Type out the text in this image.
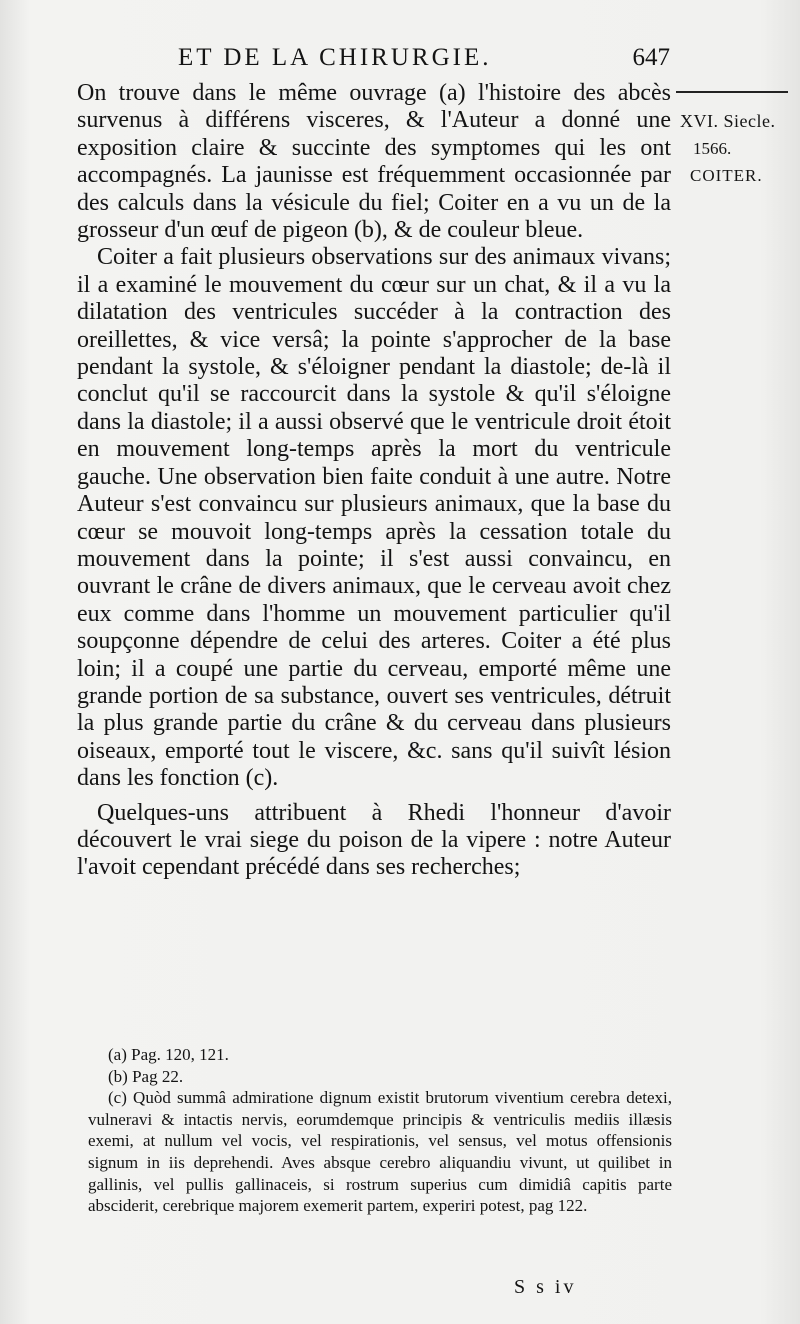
ET DE LA CHIRURGIE.	647
XVI. Siecle.
1566.
COITER.

On trouve dans le même ouvrage (a) l'histoire des abcès survenus à différens visceres, & l'Auteur a donné une exposition claire & succinte des symptomes qui les ont accompagnés. La jaunisse est fréquemment occasionnée par des calculs dans la vésicule du fiel; Coiter en a vu un de la grosseur d'un œuf de pigeon (b), & de couleur bleue.

Coiter a fait plusieurs observations sur des animaux vivans; il a examiné le mouvement du cœur sur un chat, & il a vu la dilatation des ventricules succéder à la contraction des oreillettes, & vice versâ; la pointe s'approcher de la base pendant la systole, & s'éloigner pendant la diastole; de-là il conclut qu'il se raccourcit dans la systole & qu'il s'éloigne dans la diastole; il a aussi observé que le ventricule droit étoit en mouvement long-temps après la mort du ventricule gauche. Une observation bien faite conduit à une autre. Notre Auteur s'est convaincu sur plusieurs animaux, que la base du cœur se mouvoit long-temps après la cessation totale du mouvement dans la pointe; il s'est aussi convaincu, en ouvrant le crâne de divers animaux, que le cerveau avoit chez eux comme dans l'homme un mouvement particulier qu'il soupçonne dépendre de celui des arteres. Coiter a été plus loin; il a coupé une partie du cerveau, emporté même une grande portion de sa substance, ouvert ses ventricules, détruit la plus grande partie du crâne & du cerveau dans plusieurs oiseaux, emporté tout le viscere, &c. sans qu'il suivît lésion dans les fonction (c).

Quelques-uns attribuent à Rhedi l'honneur d'avoir découvert le vrai siege du poison de la vipere : notre Auteur l'avoit cependant précédé dans ses recherches;

(a) Pag. 120, 121.

(b) Pag 22.

(c) Quòd summâ admiratione dignum existit brutorum viventium cerebra detexi, vulneravi & intactis nervis, eorumdemque principis & ventriculis mediis illæsis exemi, at nullum vel vocis, vel respirationis, vel sensus, vel motus offensionis signum in iis deprehendi. Aves absque cerebro aliquandiu vivunt, ut quilibet in gallinis, vel pullis gallinaceis, si rostrum superius cum dimidiâ capitis parte absciderit, cerebrique majorem exemerit partem, experiri potest, pag 122.

S s iv
